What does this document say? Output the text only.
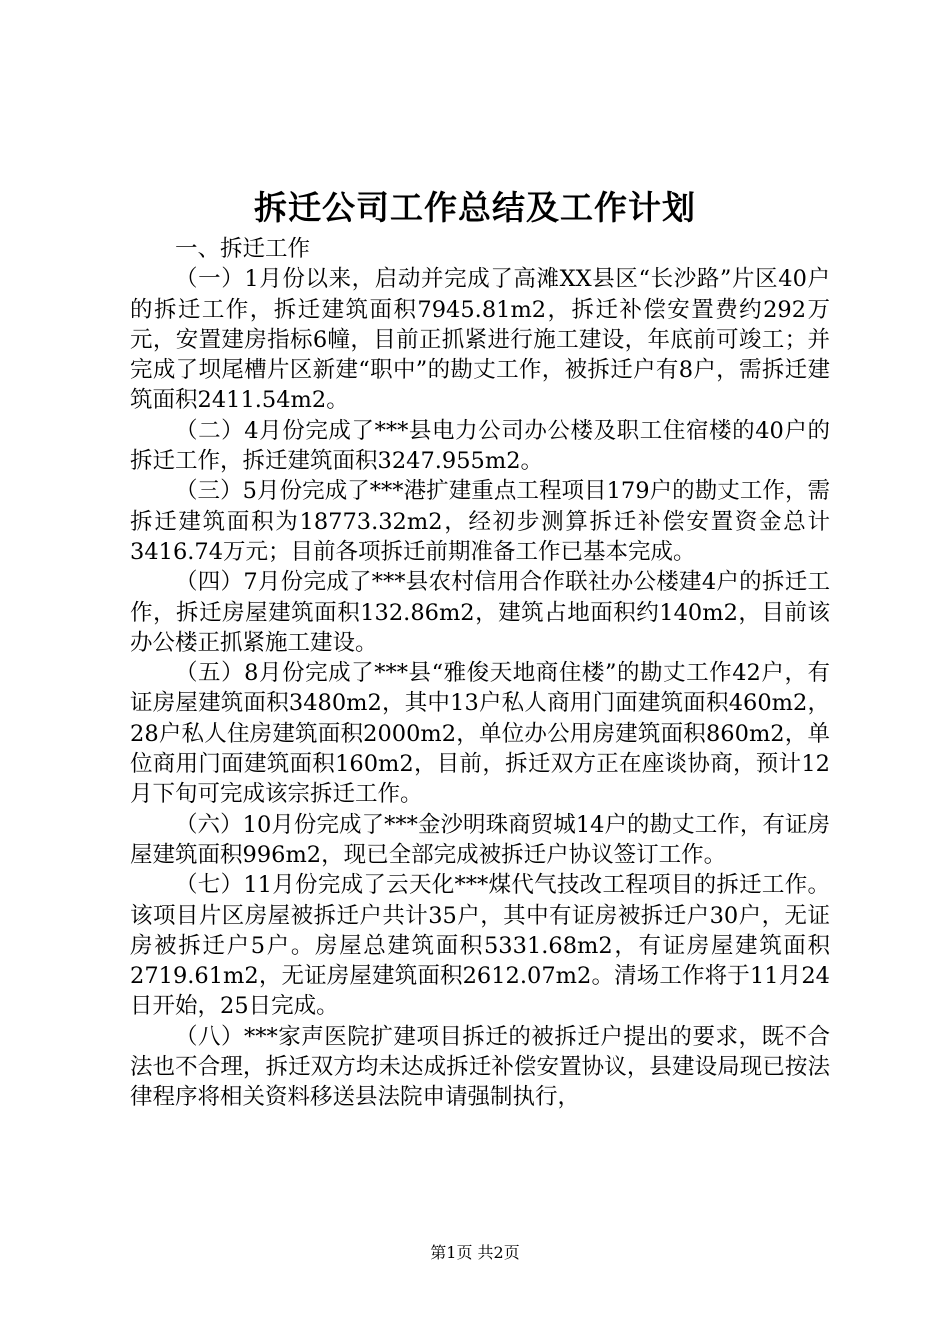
拆迁公司工作总结及工作计划

一、拆迁工作

（一）1月份以来，启动并完成了高滩XX县区“长沙路”片区40户的拆迁工作，拆迁建筑面积7945.81m2，拆迁补偿安置费约292万元，安置建房指标6幢，目前正抓紧进行施工建设，年底前可竣工；并完成了坝尾槽片区新建“职中”的勘丈工作，被拆迁户有8户，需拆迁建筑面积2411.54m2。

（二）4月份完成了***县电力公司办公楼及职工住宿楼的40户的拆迁工作，拆迁建筑面积3247.955m2。

（三）5月份完成了***港扩建重点工程项目179户的勘丈工作，需拆迁建筑面积为18773.32m2，经初步测算拆迁补偿安置资金总计3416.74万元；目前各项拆迁前期准备工作已基本完成。

（四）7月份完成了***县农村信用合作联社办公楼建4户的拆迁工作，拆迁房屋建筑面积132.86m2，建筑占地面积约140m2，目前该办公楼正抓紧施工建设。

（五）8月份完成了***县“雅俊天地商住楼”的勘丈工作42户，有证房屋建筑面积3480m2，其中13户私人商用门面建筑面积460m2，28户私人住房建筑面积2000m2，单位办公用房建筑面积860m2，单位商用门面建筑面积160m2，目前，拆迁双方正在座谈协商，预计12月下旬可完成该宗拆迁工作。

（六）10月份完成了***金沙明珠商贸城14户的勘丈工作，有证房屋建筑面积996m2，现已全部完成被拆迁户协议签订工作。

（七）11月份完成了云天化***煤代气技改工程项目的拆迁工作。该项目片区房屋被拆迁户共计35户，其中有证房被拆迁户30户，无证房被拆迁户5户。房屋总建筑面积5331.68m2，有证房屋建筑面积2719.61m2，无证房屋建筑面积2612.07m2。清场工作将于11月24日开始，25日完成。

（八）***家声医院扩建项目拆迁的被拆迁户提出的要求，既不合法也不合理，拆迁双方均未达成拆迁补偿安置协议，县建设局现已按法律程序将相关资料移送县法院申请强制执行，

第1页 共2页
